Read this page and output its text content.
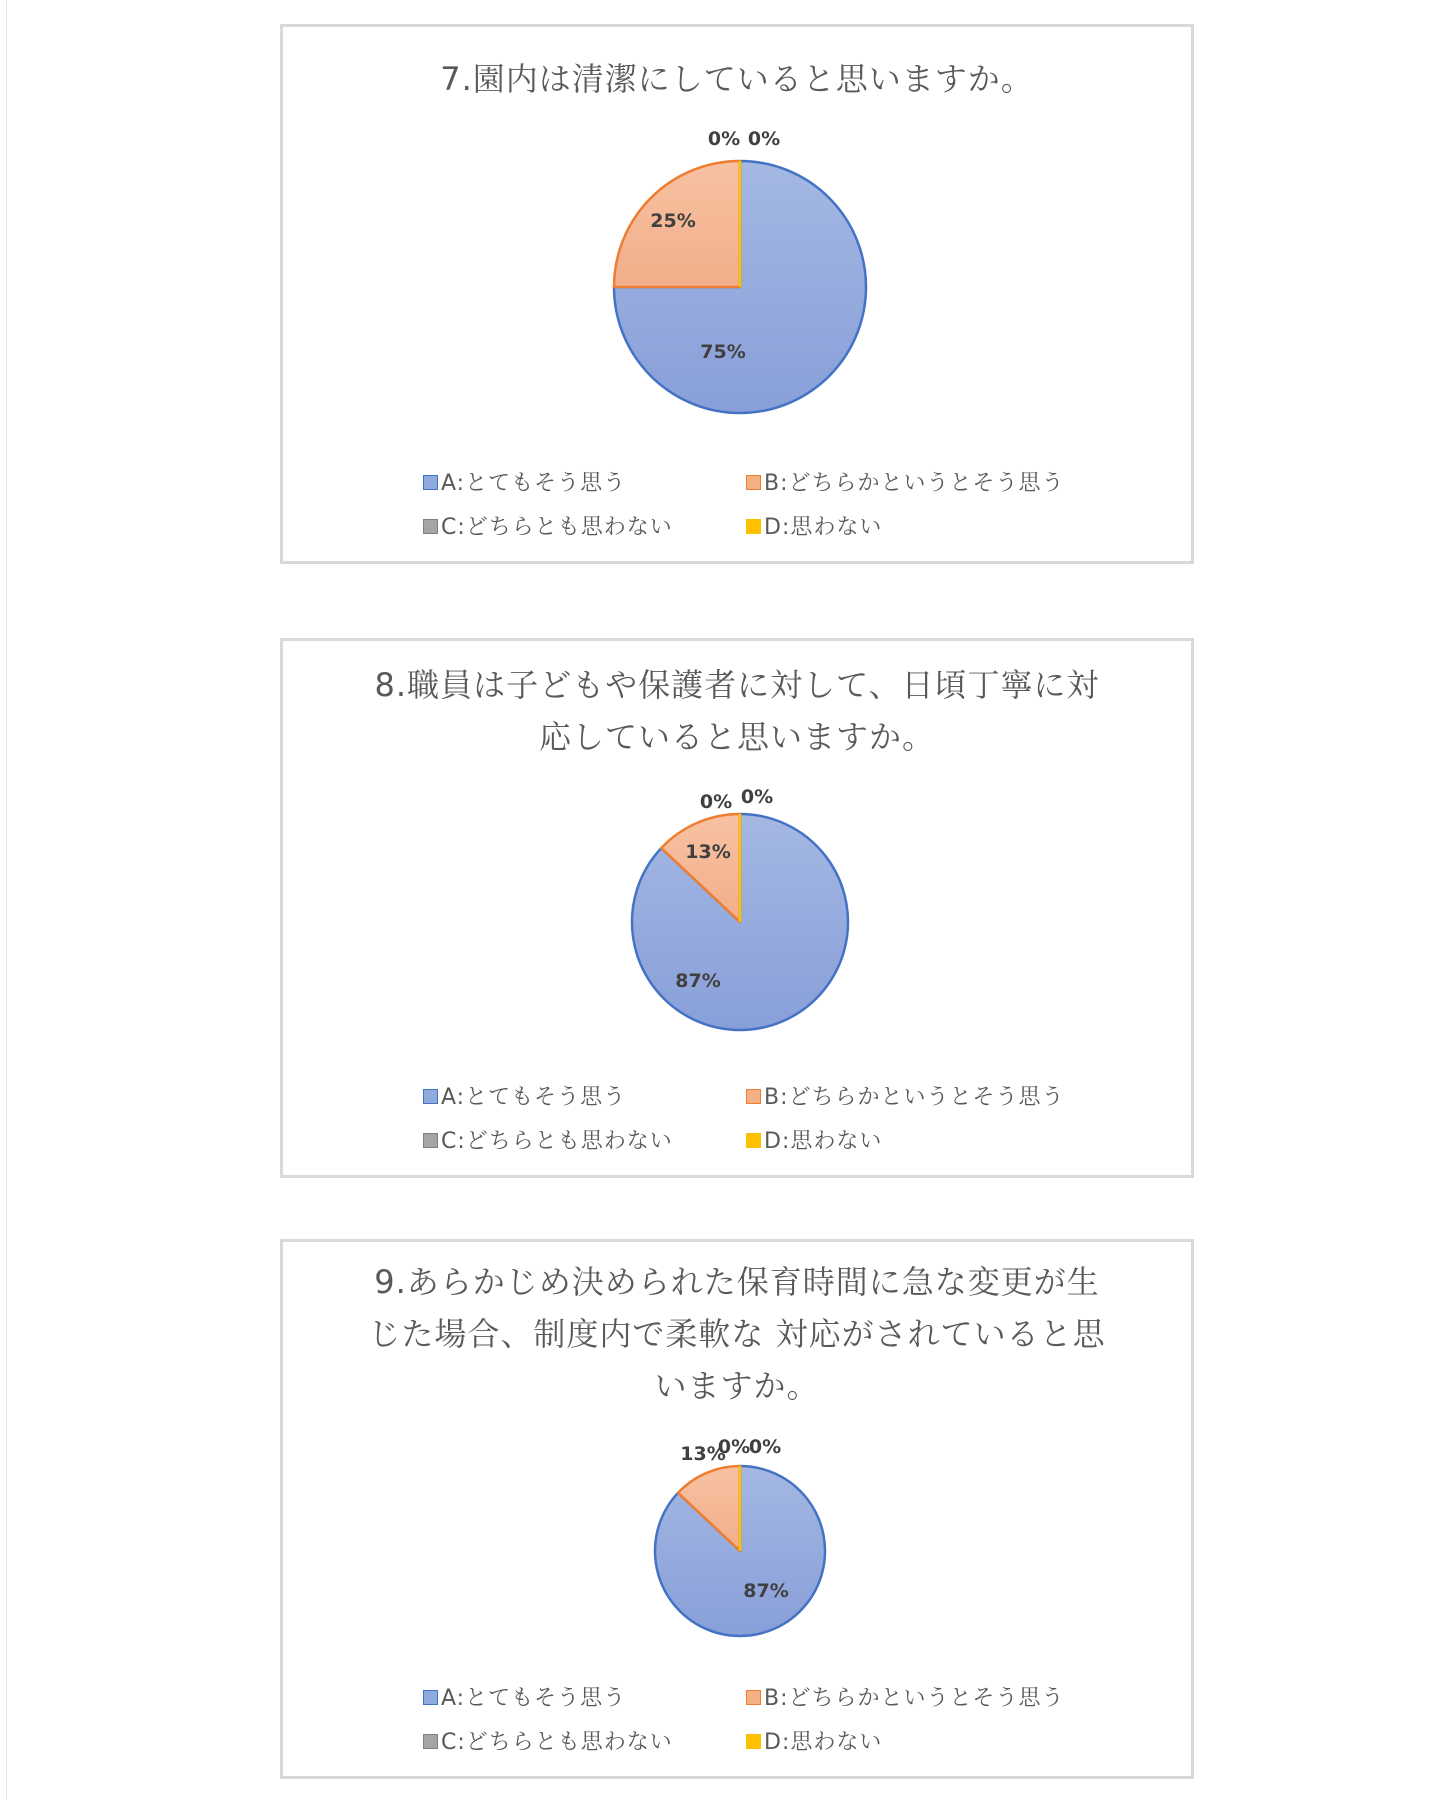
7.園内は清潔にしていると思いますか。
75%
25%
0% 0%
A:とてもそう思う	B:どちらかというとそう思う
C:どちらとも思わない	D:思わない
8.職員は子どもや保護者に対して、日頃丁寧に対
応していると思いますか。
87%
13%
0% 0%
A:とてもそう思う	B:どちらかというとそう思う
C:どちらとも思わない	D:思わない
9.あらかじめ決められた保育時間に急な変更が生
じた場合、制度内で柔軟な 対応がされていると思
いますか。
87%
13%
0%
0%
A:とてもそう思う	B:どちらかというとそう思う
C:どちらとも思わない	D:思わない
